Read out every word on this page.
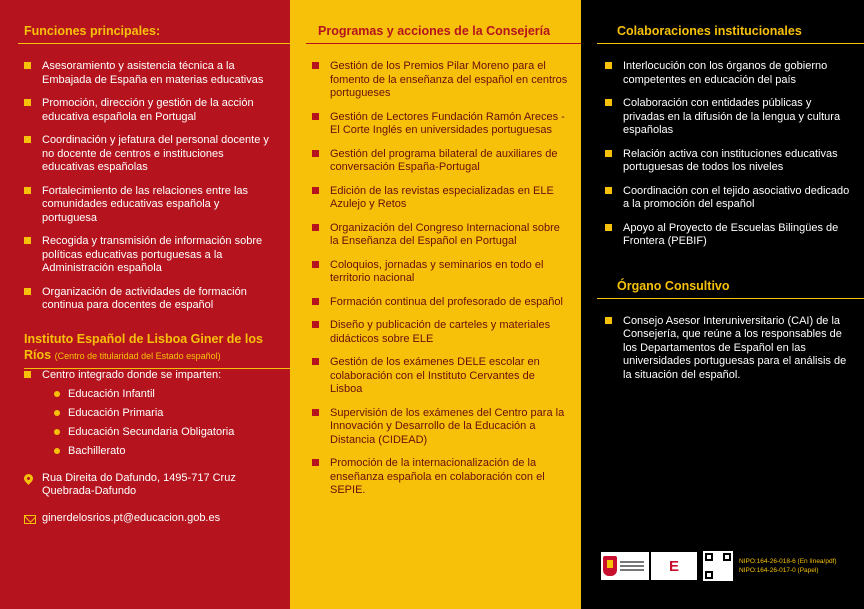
Funciones principales:
Asesoramiento y asistencia técnica a la Embajada de España en materias educativas
Promoción, dirección y gestión de la acción educativa española en Portugal
Coordinación y jefatura del personal docente y no docente de centros e instituciones educativas españolas
Fortalecimiento de las relaciones entre las comunidades educativas española y portuguesa
Recogida y transmisión de información sobre políticas educativas portuguesas a la Administración española
Organización de actividades de formación continua para docentes de español
Instituto Español de Lisboa Giner de los Ríos (Centro de titularidad del Estado español)
Centro integrado donde se imparten:
Educación Infantil
Educación Primaria
Educación Secundaria Obligatoria
Bachillerato
Rua Direita do Dafundo, 1495-717 Cruz Quebrada-Dafundo
ginerdelosrios.pt@educacion.gob.es
Programas y acciones de la Consejería
Gestión de los Premios Pilar Moreno para el fomento de la enseñanza del español en centros portugueses
Gestión de Lectores Fundación Ramón Areces - El Corte Inglés en universidades portuguesas
Gestión del programa bilateral de auxiliares de conversación España-Portugal
Edición de las revistas especializadas en ELE Azulejo y Retos
Organización del Congreso Internacional sobre la Enseñanza del Español en Portugal
Coloquios, jornadas y seminarios en todo el territorio nacional
Formación continua del profesorado de español
Diseño y publicación de carteles y materiales didácticos sobre ELE
Gestión de los exámenes DELE escolar en colaboración con el Instituto Cervantes de Lisboa
Supervisión de los exámenes del Centro para la Innovación y Desarrollo de la Educación a Distancia (CIDEAD)
Promoción de la internacionalización de la enseñanza española en colaboración con el SEPIE.
Colaboraciones institucionales
Interlocución con los órganos de gobierno competentes en educación del país
Colaboración con entidades públicas y privadas en la difusión de la lengua y cultura españolas
Relación activa con instituciones educativas portuguesas de todos los niveles
Coordinación con el tejido asociativo dedicado a la promoción del español
Apoyo al Proyecto de Escuelas Bilingües de Frontera (PEBIF)
Órgano Consultivo
Consejo Asesor Interuniversitario (CAI) de la Consejería, que reúne a los responsables de los Departamentos de Español en las universidades portuguesas para el análisis de la situación del español.
E	NIPO:164-26-018-6 (En línea/pdf)
NIPO:164-26-017-0 (Papel)
